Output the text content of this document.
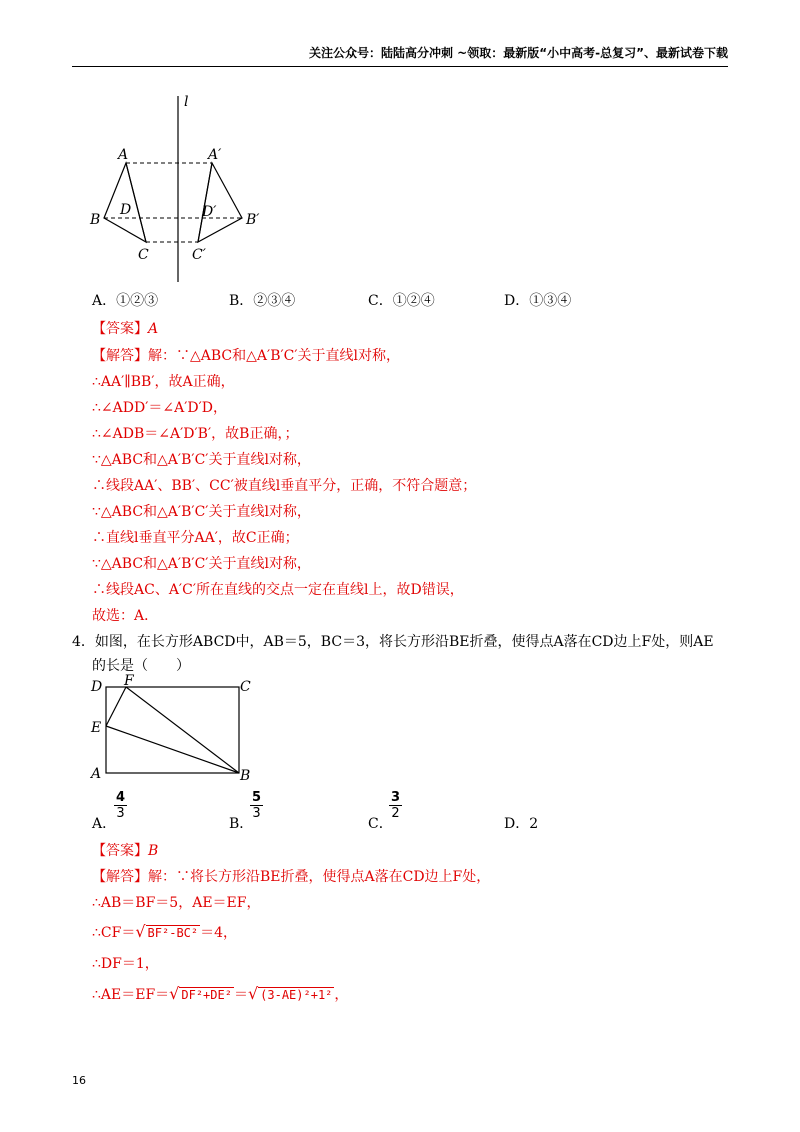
关注公众号：陆陆高分冲刺 ~领取：最新版“小中高考-总复习”、最新试卷下载
l
A	A′
B	B′
C	C′
D	D′
A．①②③	B．②③④	C．①②④	D．①③④
【答案】A
【解答】解：∵△ABC和△A′B′C′关于直线l对称，
∴AA′∥BB′，故A正确，
∴∠ADD′＝∠A′D′D，
∴∠ADB＝∠A′D′B′，故B正确，；
∵△ABC和△A′B′C′关于直线l对称，
∴线段AA′、BB′、CC′被直线l垂直平分，正确，不符合题意；
∵△ABC和△A′B′C′关于直线l对称，
∴直线l垂直平分AA′，故C正确；
∵△ABC和△A′B′C′关于直线l对称，
∴线段AC、A′C′所在直线的交点一定在直线l上，故D错误，
故选：A．
4．如图，在长方形ABCD中，AB＝5，BC＝3，将长方形沿BE折叠，使得点A落在CD边上F处，则AE
的长是（　　）
D F	C
E
A	B
A．
$\frac{4}{3}$
B．
$\frac{5}{3}$
C．
$\frac{3}{2}$
D．2
【答案】B
【解答】解：∵将长方形沿BE折叠，使得点A落在CD边上F处，
∴AB＝BF＝5，AE＝EF，
∴CF＝√ BF²-BC² ＝4，
∴DF＝1，
∴AE＝EF＝√ DF²+DE² ＝√ (3-AE)²+1² ，
16
